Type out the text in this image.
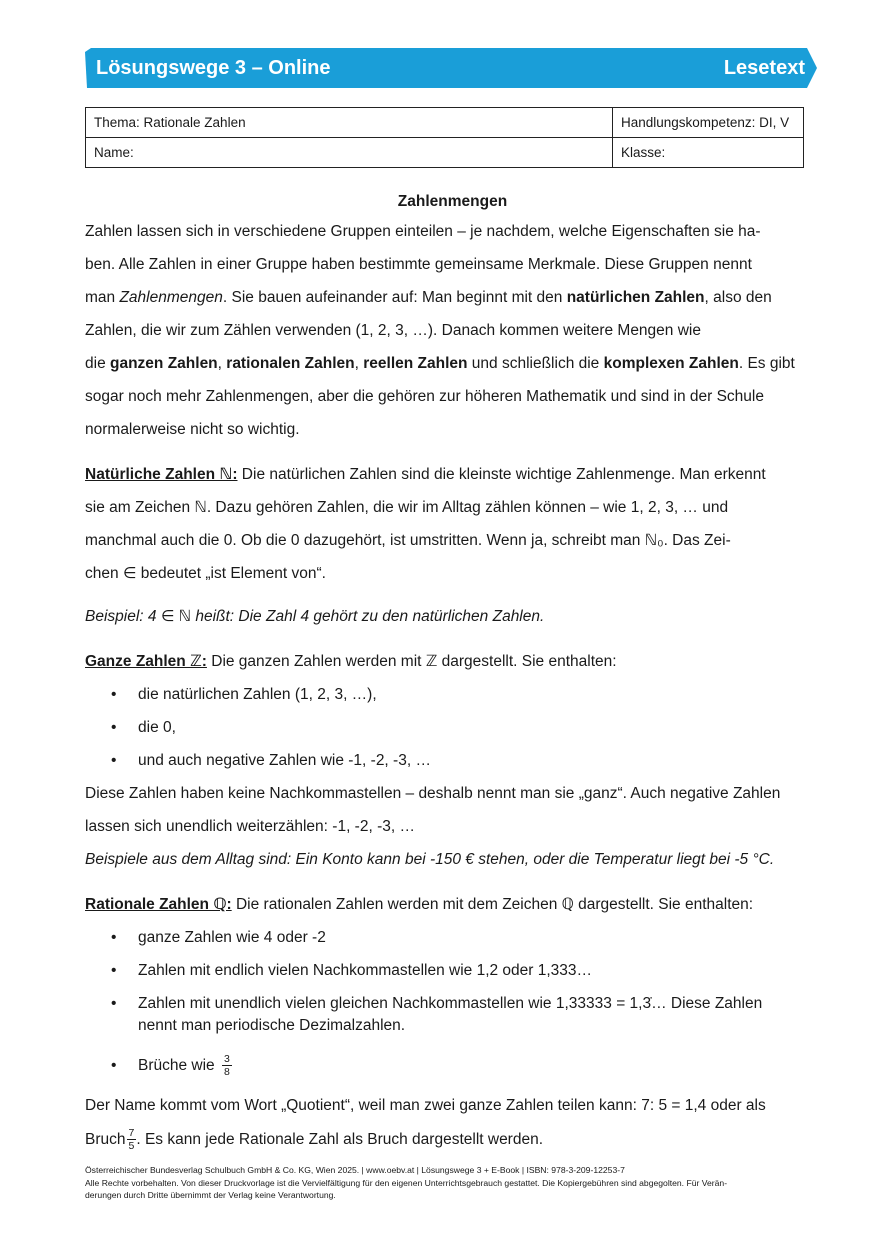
Lösungswege 3 – Online	Lesetext
Thema: Rationale Zahlen	Handlungskompetenz: DI, V
Name:	Klasse:
Zahlenmengen

Zahlen lassen sich in verschiedene Gruppen einteilen – je nachdem, welche Eigenschaften sie ha-

ben. Alle Zahlen in einer Gruppe haben bestimmte gemeinsame Merkmale. Diese Gruppen nennt

man Zahlenmengen. Sie bauen aufeinander auf: Man beginnt mit den natürlichen Zahlen, also den

Zahlen, die wir zum Zählen verwenden (1, 2, 3, …). Danach kommen weitere Mengen wie

die ganzen Zahlen, rationalen Zahlen, reellen Zahlen und schließlich die komplexen Zahlen. Es gibt

sogar noch mehr Zahlenmengen, aber die gehören zur höheren Mathematik und sind in der Schule

normalerweise nicht so wichtig.

Natürliche Zahlen ℕ: Die natürlichen Zahlen sind die kleinste wichtige Zahlenmenge. Man erkennt

sie am Zeichen ℕ. Dazu gehören Zahlen, die wir im Alltag zählen können – wie 1, 2, 3, … und

manchmal auch die 0. Ob die 0 dazugehört, ist umstritten. Wenn ja, schreibt man ℕ₀. Das Zei-

chen ∈ bedeutet „ist Element von“.

Beispiel: 4 ∈ ℕ heißt: Die Zahl 4 gehört zu den natürlichen Zahlen.

Ganze Zahlen ℤ: Die ganzen Zahlen werden mit ℤ dargestellt. Sie enthalten:

• die natürlichen Zahlen (1, 2, 3, …),
• die 0,
• und auch negative Zahlen wie -1, -2, -3, …

Diese Zahlen haben keine Nachkommastellen – deshalb nennt man sie „ganz“. Auch negative Zahlen

lassen sich unendlich weiterzählen: -1, -2, -3, …

Beispiele aus dem Alltag sind: Ein Konto kann bei -150 € stehen, oder die Temperatur liegt bei -5 °C.

Rationale Zahlen ℚ: Die rationalen Zahlen werden mit dem Zeichen ℚ dargestellt. Sie enthalten:

• ganze Zahlen wie 4 oder -2
• Zahlen mit endlich vielen Nachkommastellen wie 1,2 oder 1,333…
• Zahlen mit unendlich vielen gleichen Nachkommastellen wie 1,33333 = 1,3̇… Diese Zahlen
nennt man periodische Dezimalzahlen.
• Brüche wie $\frac{3}{8}$

Der Name kommt vom Wort „Quotient“, weil man zwei ganze Zahlen teilen kann: 7: 5 = 1,4 oder als

Bruch $\frac{7}{5}$ . Es kann jede Rationale Zahl als Bruch dargestellt werden.

Österreichischer Bundesverlag Schulbuch GmbH & Co. KG, Wien 2025. | www.oebv.at | Lösungswege 3 + E-Book | ISBN: 978-3-209-12253-7
Alle Rechte vorbehalten. Von dieser Druckvorlage ist die Vervielfältigung für den eigenen Unterrichtsgebrauch gestattet. Die Kopiergebühren sind abgegolten. Für Verän-
derungen durch Dritte übernimmt der Verlag keine Verantwortung.
